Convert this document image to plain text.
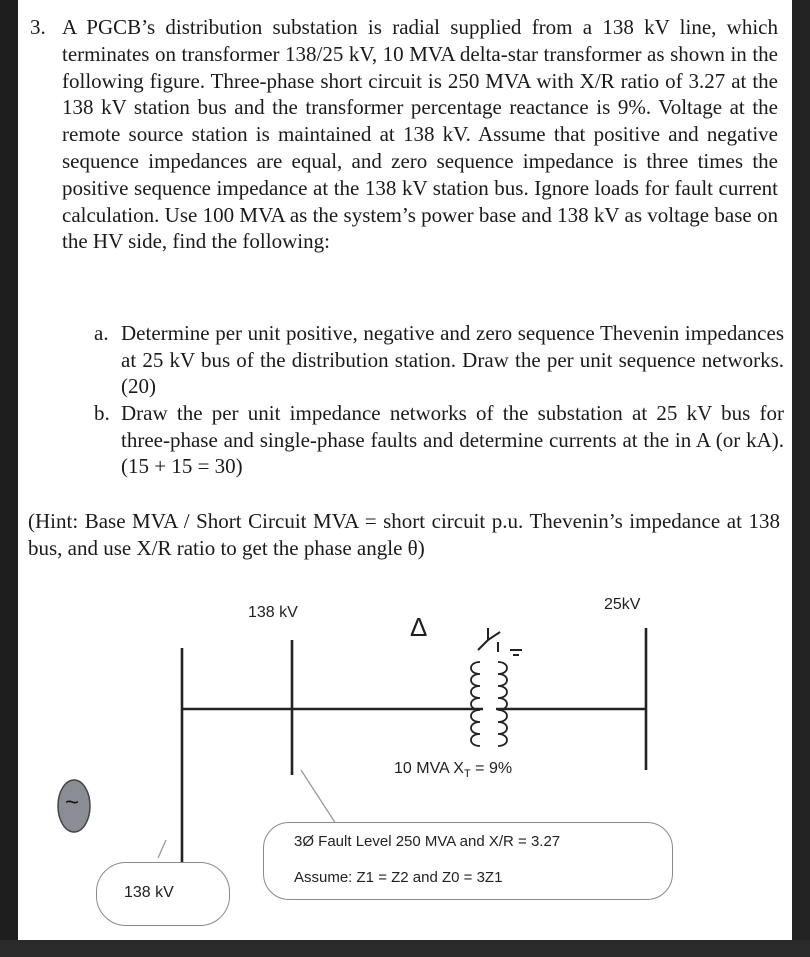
3. A PGCB’s distribution substation is radial supplied from a 138 kV line, which terminates on transformer 138/25 kV, 10 MVA delta-star transformer as shown in the following figure. Three-phase short circuit is 250 MVA with X/R ratio of 3.27 at the 138 kV station bus and the transformer percentage reactance is 9%. Voltage at the remote source station is maintained at 138 kV. Assume that positive and negative sequence impedances are equal, and zero sequence impedance is three times the positive sequence impedance at the 138 kV station bus. Ignore loads for fault current calculation. Use 100 MVA as the system’s power base and 138 kV as voltage base on the HV side, find the following:
a. Determine per unit positive, negative and zero sequence Thevenin impedances at 25 kV bus of the distribution station. Draw the per unit sequence networks. (20)
b. Draw the per unit impedance networks of the substation at 25 kV bus for three-phase and single-phase faults and determine currents at the in A (or kA). (15 + 15 = 30)
(Hint: Base MVA / Short Circuit MVA = short circuit p.u. Thevenin’s impedance at 138 bus, and use X/R ratio to get the phase angle θ)
138 kV	25kV
Δ
~
10 MVA $X_T = 9\%$
3Ø Fault Level 250 MVA and X/R = 3.27
Assume: Z1 = Z2 and Z0 = 3Z1
138 kV
